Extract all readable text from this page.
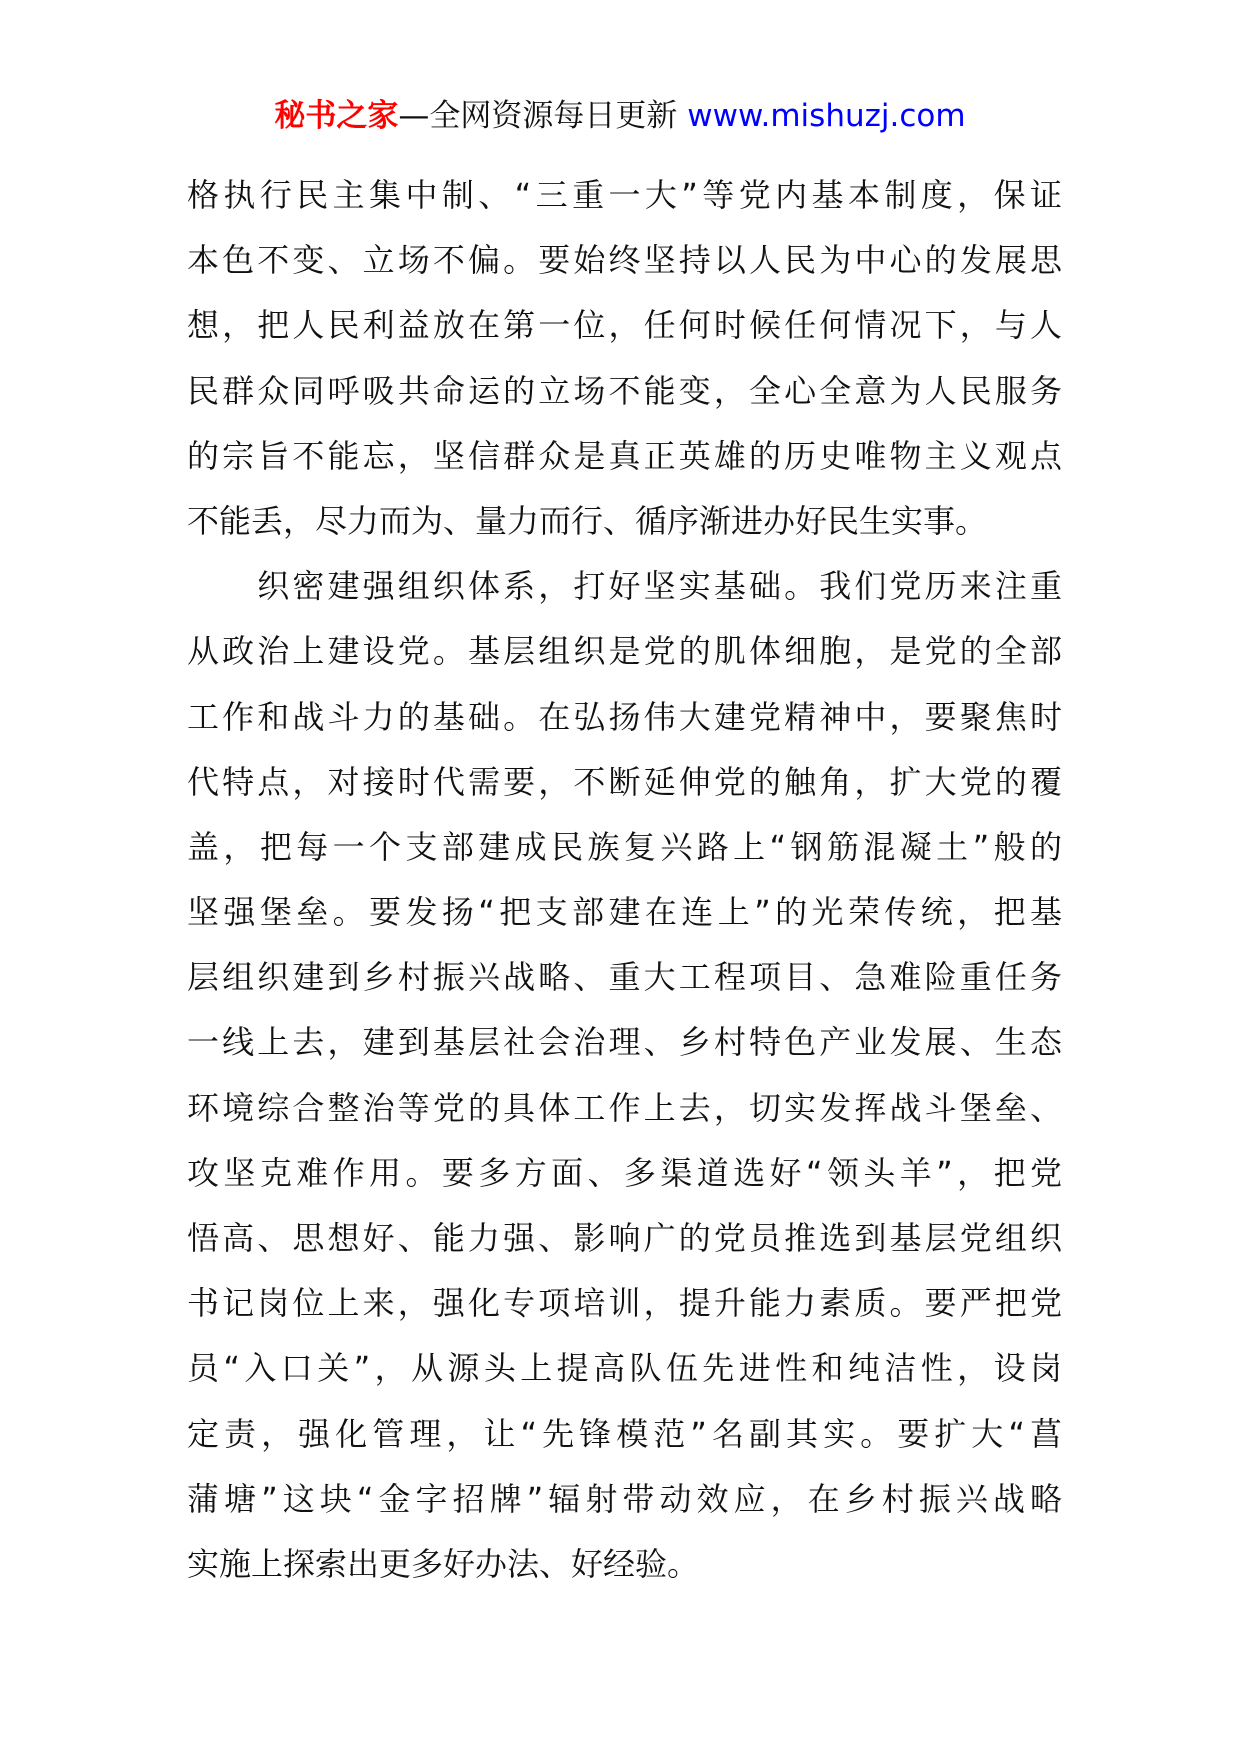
秘书之家—全网资源每日更新 www.mishuzj.com
格执行民主集中制、“三重一大”等党内基本制度，保证
本色不变、立场不偏。要始终坚持以人民为中心的发展思
想，把人民利益放在第一位，任何时候任何情况下，与人
民群众同呼吸共命运的立场不能变，全心全意为人民服务
的宗旨不能忘，坚信群众是真正英雄的历史唯物主义观点
不能丢，尽力而为、量力而行、循序渐进办好民生实事。
　　织密建强组织体系，打好坚实基础。我们党历来注重
从政治上建设党。基层组织是党的肌体细胞，是党的全部
工作和战斗力的基础。在弘扬伟大建党精神中，要聚焦时
代特点，对接时代需要，不断延伸党的触角，扩大党的覆
盖，把每一个支部建成民族复兴路上“钢筋混凝土”般的
坚强堡垒。要发扬“把支部建在连上”的光荣传统，把基
层组织建到乡村振兴战略、重大工程项目、急难险重任务
一线上去，建到基层社会治理、乡村特色产业发展、生态
环境综合整治等党的具体工作上去，切实发挥战斗堡垒、
攻坚克难作用。要多方面、多渠道选好“领头羊”，把党
悟高、思想好、能力强、影响广的党员推选到基层党组织
书记岗位上来，强化专项培训，提升能力素质。要严把党
员“入口关”，从源头上提高队伍先进性和纯洁性，设岗
定责，强化管理，让“先锋模范”名副其实。要扩大“菖
蒲塘”这块“金字招牌”辐射带动效应，在乡村振兴战略
实施上探索出更多好办法、好经验。
